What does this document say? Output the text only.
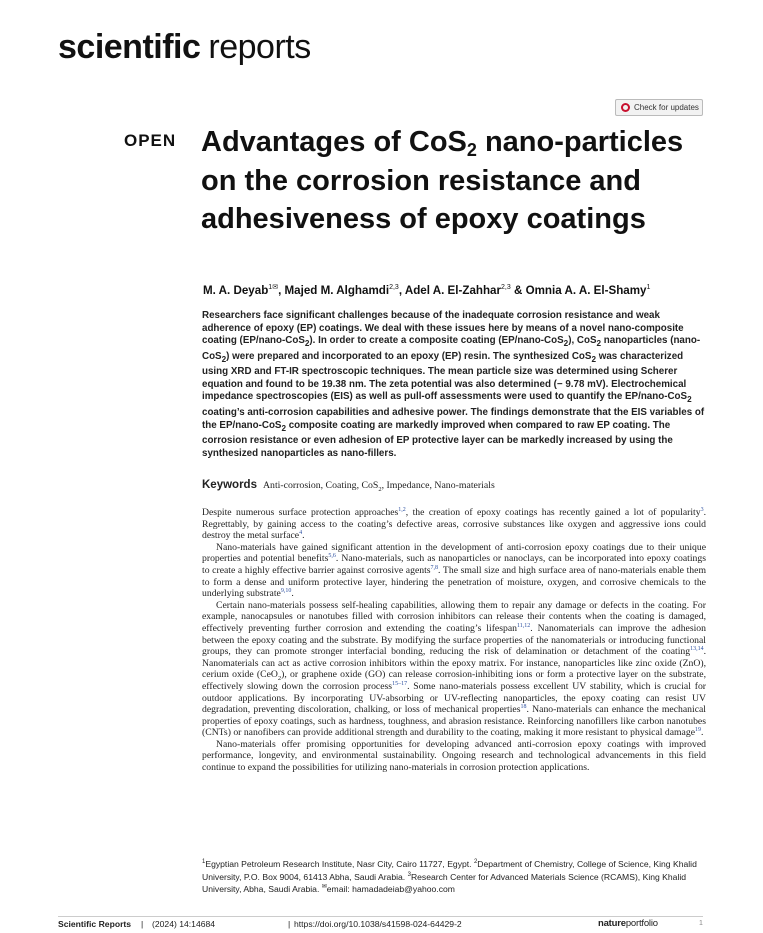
scientific reports
Check for updates
OPEN Advantages of CoS$_2$ nano-particles on the corrosion resistance and adhesiveness of epoxy coatings
M. A. Deyab$^{1✉}$, Majed M. Alghamdi$^{2,3}$, Adel A. El-Zahhar$^{2,3}$ & Omnia A. A. El-Shamy$^1$

Researchers face significant challenges because of the inadequate corrosion resistance and weak adherence of epoxy (EP) coatings. We deal with these issues here by means of a novel nano-composite coating (EP/nano-CoS$_2$). In order to create a composite coating (EP/nano-CoS$_2$), CoS$_2$ nanoparticles (nano-CoS$_2$) were prepared and incorporated to an epoxy (EP) resin. The synthesized CoS$_2$ was characterized using XRD and FT-IR spectroscopic techniques. The mean particle size was determined using Scherer equation and found to be 19.38 nm. The zeta potential was also determined (− 9.78 mV). Electrochemical impedance spectroscopies (EIS) as well as pull-off assessments were used to quantify the EP/nano-CoS$_2$ coating’s anti-corrosion capabilities and adhesive power. The findings demonstrate that the EIS variables of the EP/nano-CoS$_2$ composite coating are markedly improved when compared to raw EP coating. The corrosion resistance or even adhesion of EP protective layer can be markedly increased by using the synthesized nanoparticles as nano-fillers.

Keywords Anti-corrosion, Coating, CoS$_2$, Impedance, Nano-materials

Despite numerous surface protection approaches$^{1,2}$, the creation of epoxy coatings has recently gained a lot of popularity$^3$. Regrettably, by gaining access to the coating’s defective areas, corrosive substances like oxygen and aggressive ions could destroy the metal surface$^4$.

Nano-materials have gained significant attention in the development of anti-corrosion epoxy coatings due to their unique properties and potential benefits$^{5,6}$. Nano-materials, such as nanoparticles or nanoclays, can be incorporated into epoxy coatings to create a highly effective barrier against corrosive agents$^{7,8}$. The small size and high surface area of nano-materials enable them to form a dense and uniform protective layer, hindering the penetration of moisture, oxygen, and corrosive chemicals to the underlying substrate$^{9,10}$.

Certain nano-materials possess self-healing capabilities, allowing them to repair any damage or defects in the coating. For example, nanocapsules or nanotubes filled with corrosion inhibitors can release their contents when the coating is damaged, effectively preventing further corrosion and extending the coating’s lifespan$^{11,12}$. Nanomaterials can improve the adhesion between the epoxy coating and the substrate. By modifying the surface properties of the nanomaterials or introducing functional groups, they can promote stronger interfacial bonding, reducing the risk of delamination or detachment of the coating$^{13,14}$. Nanomaterials can act as active corrosion inhibitors within the epoxy matrix. For instance, nanoparticles like zinc oxide (ZnO), cerium oxide (CeO$_2$), or graphene oxide (GO) can release corrosion-inhibiting ions or form a protective layer on the substrate, effectively slowing down the corrosion process$^{15-17}$. Some nano-materials possess excellent UV stability, which is crucial for outdoor applications. By incorporating UV-absorbing or UV-reflecting nanoparticles, the epoxy coating can resist UV degradation, preventing discoloration, chalking, or loss of mechanical properties$^{18}$. Nano-materials can enhance the mechanical properties of epoxy coatings, such as hardness, toughness, and abrasion resistance. Reinforcing nanofillers like carbon nanotubes (CNTs) or nanofibers can provide additional strength and durability to the coating, making it more resistant to physical damage$^{19}$.

Nano-materials offer promising opportunities for developing advanced anti-corrosion epoxy coatings with improved performance, longevity, and environmental sustainability. Ongoing research and technological advancements in this field continue to expand the possibilities for utilizing nano-materials in corrosion protection applications.

$^1$Egyptian Petroleum Research Institute, Nasr City, Cairo 11727, Egypt. $^2$Department of Chemistry, College of Science, King Khalid University, P.O. Box 9004, 61413 Abha, Saudi Arabia. $^3$Research Center for Advanced Materials Science (RCAMS), King Khalid University, Abha, Saudi Arabia. ✉email: hamadadeiab@yahoo.com
Scientific Reports | (2024) 14:14684	| https://doi.org/10.1038/s41598-024-64429-2	natureportfolio	1
